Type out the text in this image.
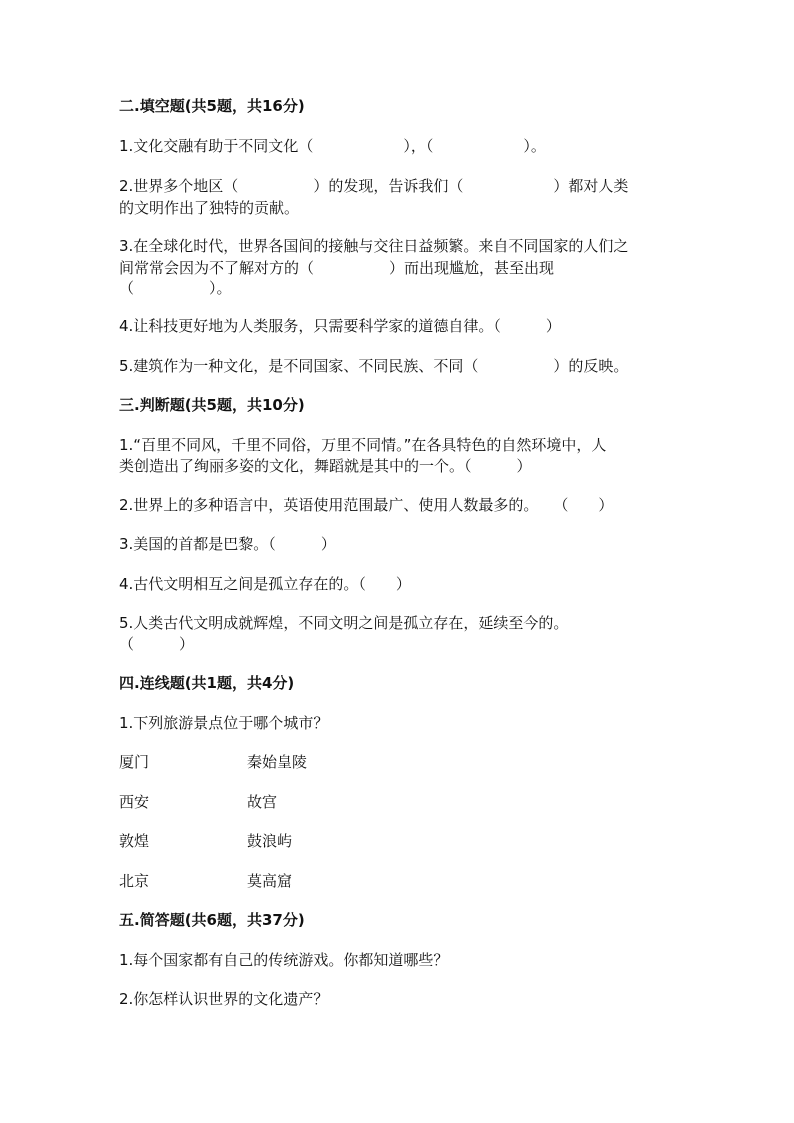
二.填空题(共5题，共16分)
1.文化交融有助于不同文化（　　　　　　），（　　　　　　）。
2.世界多个地区（　　　　　）的发现，告诉我们（　　　　　　）都对人类
的文明作出了独特的贡献。
3.在全球化时代，世界各国间的接触与交往日益频繁。来自不同国家的人们之
间常常会因为不了解对方的（　　　　　）而出现尴尬，甚至出现
（　　　　　）。
4.让科技更好地为人类服务，只需要科学家的道德自律。（　　　）
5.建筑作为一种文化，是不同国家、不同民族、不同（　　　　　）的反映。
三.判断题(共5题，共10分)
1.“百里不同风，千里不同俗，万里不同情。”在各具特色的自然环境中，人
类创造出了绚丽多姿的文化，舞蹈就是其中的一个。（　　　）
2.世界上的多种语言中，英语使用范围最广、使用人数最多的。　　（　　）
3.美国的首都是巴黎。（　　　）
4.古代文明相互之间是孤立存在的。（　　）
5.人类古代文明成就辉煌，不同文明之间是孤立存在，延续至今的。
（　　　）
四.连线题(共1题，共4分)
1.下列旅游景点位于哪个城市？
厦门	秦始皇陵
西安	故宫
敦煌	鼓浪屿
北京	莫高窟
五.简答题(共6题，共37分)
1.每个国家都有自己的传统游戏。你都知道哪些？
2.你怎样认识世界的文化遗产？
